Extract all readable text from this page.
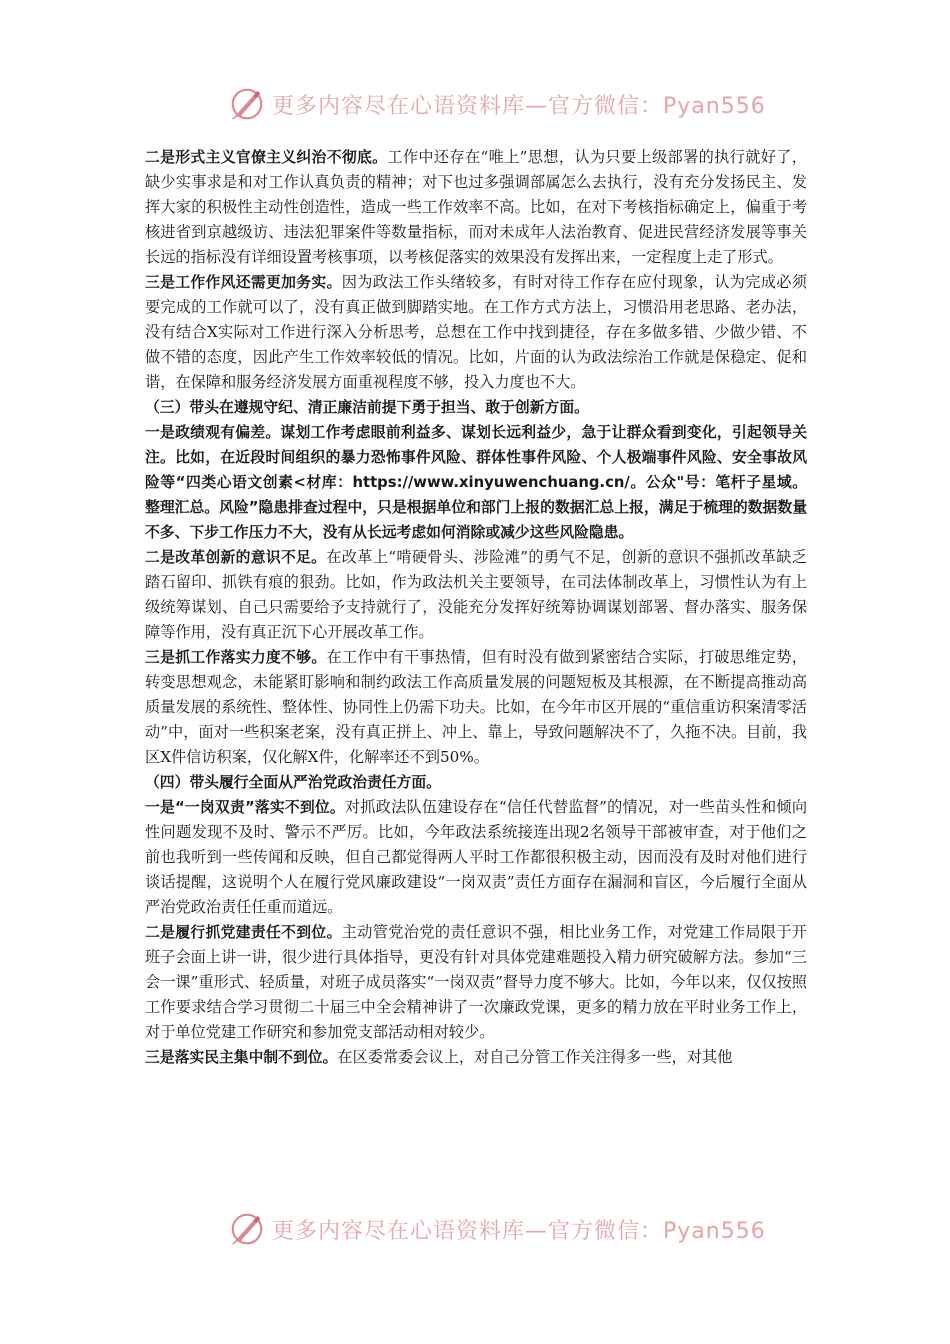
更多内容尽在心语资料库—官方微信：Pyan556

二是形式主义官僚主义纠治不彻底。工作中还存在“唯上”思想，认为只要上级部署的执行就好了，缺少实事求是和对工作认真负责的精神；对下也过多强调部属怎么去执行，没有充分发扬民主、发挥大家的积极性主动性创造性，造成一些工作效率不高。比如，在对下考核指标确定上，偏重于考核进省到京越级访、违法犯罪案件等数量指标，而对未成年人法治教育、促进民营经济发展等事关长远的指标没有详细设置考核事项，以考核促落实的效果没有发挥出来，一定程度上走了形式。

三是工作作风还需更加务实。因为政法工作头绪较多，有时对待工作存在应付现象，认为完成必须要完成的工作就可以了，没有真正做到脚踏实地。在工作方式方法上，习惯沿用老思路、老办法，没有结合X实际对工作进行深入分析思考，总想在工作中找到捷径，存在多做多错、少做少错、不做不错的态度，因此产生工作效率较低的情况。比如，片面的认为政法综治工作就是保稳定、促和谐，在保障和服务经济发展方面重视程度不够，投入力度也不大。

（三）带头在遵规守纪、清正廉洁前提下勇于担当、敢于创新方面。

一是政绩观有偏差。谋划工作考虑眼前利益多、谋划长远利益少，急于让群众看到变化，引起领导关注。比如，在近段时间组织的暴力恐怖事件风险、群体性事件风险、个人极端事件风险、安全事故风险等“四类心语文创素<材库：https://www.xinyuwenchuang.cn/。公众"号：笔杆子星域。整理汇总。风险”隐患排查过程中，只是根据单位和部门上报的数据汇总上报，满足于梳理的数据数量不多、下步工作压力不大，没有从长远考虑如何消除或减少这些风险隐患。

二是改革创新的意识不足。在改革上“啃硬骨头、涉险滩”的勇气不足，创新的意识不强抓改革缺乏踏石留印、抓铁有痕的狠劲。比如，作为政法机关主要领导，在司法体制改革上，习惯性认为有上级统筹谋划、自己只需要给予支持就行了，没能充分发挥好统筹协调谋划部署、督办落实、服务保障等作用，没有真正沉下心开展改革工作。

三是抓工作落实力度不够。在工作中有干事热情，但有时没有做到紧密结合实际，打破思维定势，转变思想观念，未能紧盯影响和制约政法工作高质量发展的问题短板及其根源，在不断提高推动高质量发展的系统性、整体性、协同性上仍需下功夫。比如，在今年市区开展的“重信重访积案清零活动”中，面对一些积案老案，没有真正拼上、冲上、靠上，导致问题解决不了，久拖不决。目前，我区X件信访积案，仅化解X件，化解率还不到50%。

（四）带头履行全面从严治党政治责任方面。

一是“一岗双责”落实不到位。对抓政法队伍建设存在“信任代替监督”的情况，对一些苗头性和倾向性问题发现不及时、警示不严厉。比如，今年政法系统接连出现2名领导干部被审查，对于他们之前也我听到一些传闻和反映，但自己都觉得两人平时工作都很积极主动，因而没有及时对他们进行谈话提醒，这说明个人在履行党风廉政建设“一岗双责”责任方面存在漏洞和盲区，今后履行全面从严治党政治责任任重而道远。

二是履行抓党建责任不到位。主动管党治党的责任意识不强，相比业务工作，对党建工作局限于开班子会面上讲一讲，很少进行具体指导，更没有针对具体党建难题投入精力研究破解方法。参加“三会一课”重形式、轻质量，对班子成员落实“一岗双责”督导力度不够大。比如，今年以来，仅仅按照工作要求结合学习贯彻二十届三中全会精神讲了一次廉政党课，更多的精力放在平时业务工作上，对于单位党建工作研究和参加党支部活动相对较少。

三是落实民主集中制不到位。在区委常委会议上，对自己分管工作关注得多一些，对其他

更多内容尽在心语资料库—官方微信：Pyan556
